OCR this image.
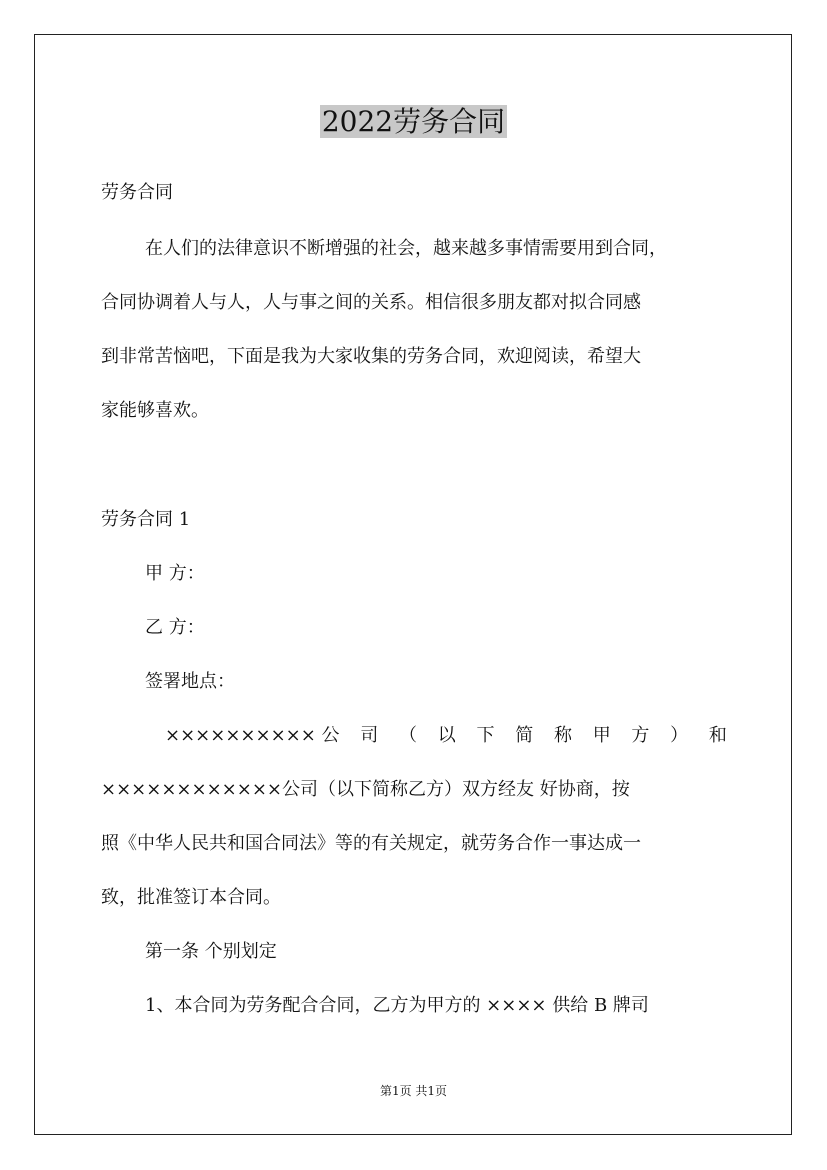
2022劳务合同

劳务合同

在人们的法律意识不断增强的社会，越来越多事情需要用到合同，

合同协调着人与人，人与事之间的关系。相信很多朋友都对拟合同感

到非常苦恼吧，下面是我为大家收集的劳务合同，欢迎阅读，希望大

家能够喜欢。

劳务合同 1

甲 方：

乙 方：

签署地点：

×××××××××× 公 司 （ 以 下 简 称 甲 方 ） 和

××××××××××××公司（以下简称乙方）双方经友 好协商，按

照《中华人民共和国合同法》等的有关规定，就劳务合作一事达成一

致，批准签订本合同。

第一条 个别划定

1、本合同为劳务配合合同，乙方为甲方的 ×××× 供给 B 牌司

第1页 共1页
